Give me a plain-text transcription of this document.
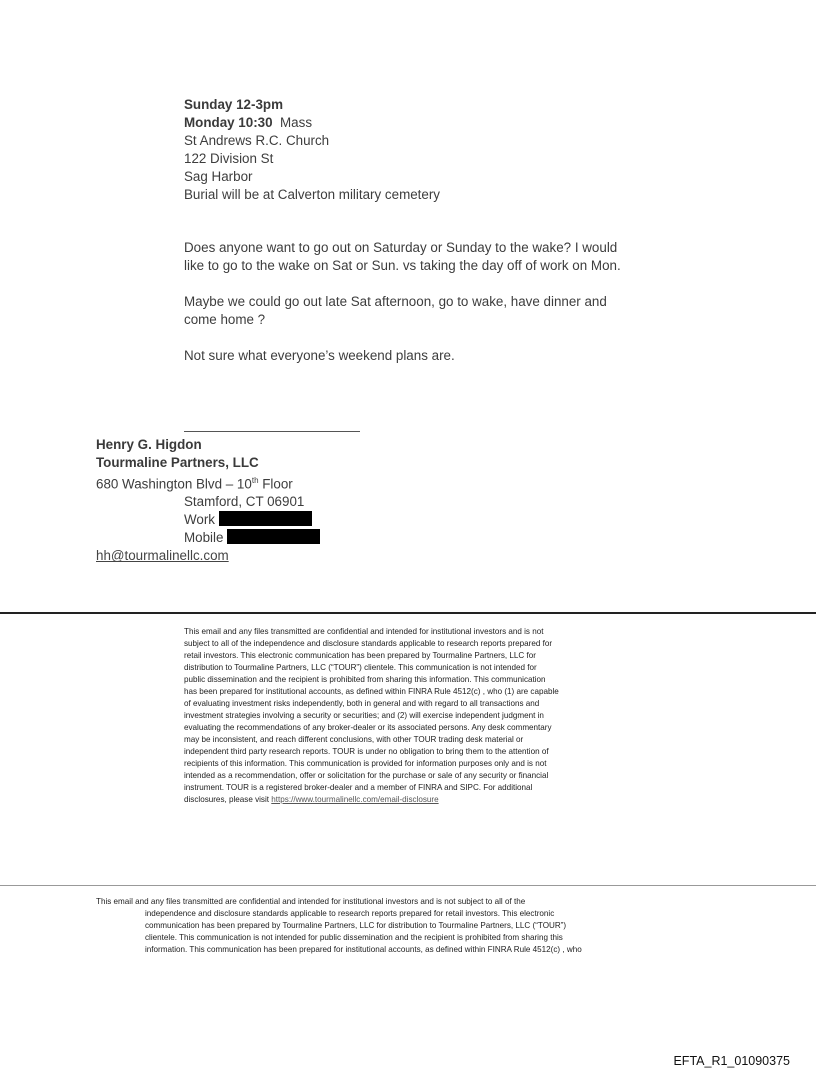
Sunday 12-3pm
Monday 10:30 Mass
St Andrews R.C. Church
122 Division St
Sag Harbor
Burial will be at Calverton military cemetery
Does anyone want to go out on Saturday or Sunday to the wake? I would
like to go to the wake on Sat or Sun. vs taking the day off of work on Mon.
Maybe we could go out late Sat afternoon, go to wake, have dinner and
come home ?
Not sure what everyone’s weekend plans are.
Henry G. Higdon
Tourmaline Partners, LLC
680 Washington Blvd – 10th Floor
Stamford, CT 06901
Work
Mobile
hh@tourmalinellc.com
This email and any files transmitted are confidential and intended for institutional investors and is not
subject to all of the independence and disclosure standards applicable to research reports prepared for
retail investors. This electronic communication has been prepared by Tourmaline Partners, LLC for
distribution to Tourmaline Partners, LLC (“TOUR”) clientele. This communication is not intended for
public dissemination and the recipient is prohibited from sharing this information. This communication
has been prepared for institutional accounts, as defined within FINRA Rule 4512(c) , who (1) are capable
of evaluating investment risks independently, both in general and with regard to all transactions and
investment strategies involving a security or securities; and (2) will exercise independent judgment in
evaluating the recommendations of any broker-dealer or its associated persons. Any desk commentary
may be inconsistent, and reach different conclusions, with other TOUR trading desk material or
independent third party research reports. TOUR is under no obligation to bring them to the attention of
recipients of this information. This communication is provided for information purposes only and is not
intended as a recommendation, offer or solicitation for the purchase or sale of any security or financial
instrument. TOUR is a registered broker-dealer and a member of FINRA and SIPC. For additional
disclosures, please visit https://www.tourmalinellc.com/email-disclosure
This email and any files transmitted are confidential and intended for institutional investors and is not subject to all of the
independence and disclosure standards applicable to research reports prepared for retail investors. This electronic
communication has been prepared by Tourmaline Partners, LLC for distribution to Tourmaline Partners, LLC (“TOUR”)
clientele. This communication is not intended for public dissemination and the recipient is prohibited from sharing this
information. This communication has been prepared for institutional accounts, as defined within FINRA Rule 4512(c) , who
EFTA_R1_01090375
